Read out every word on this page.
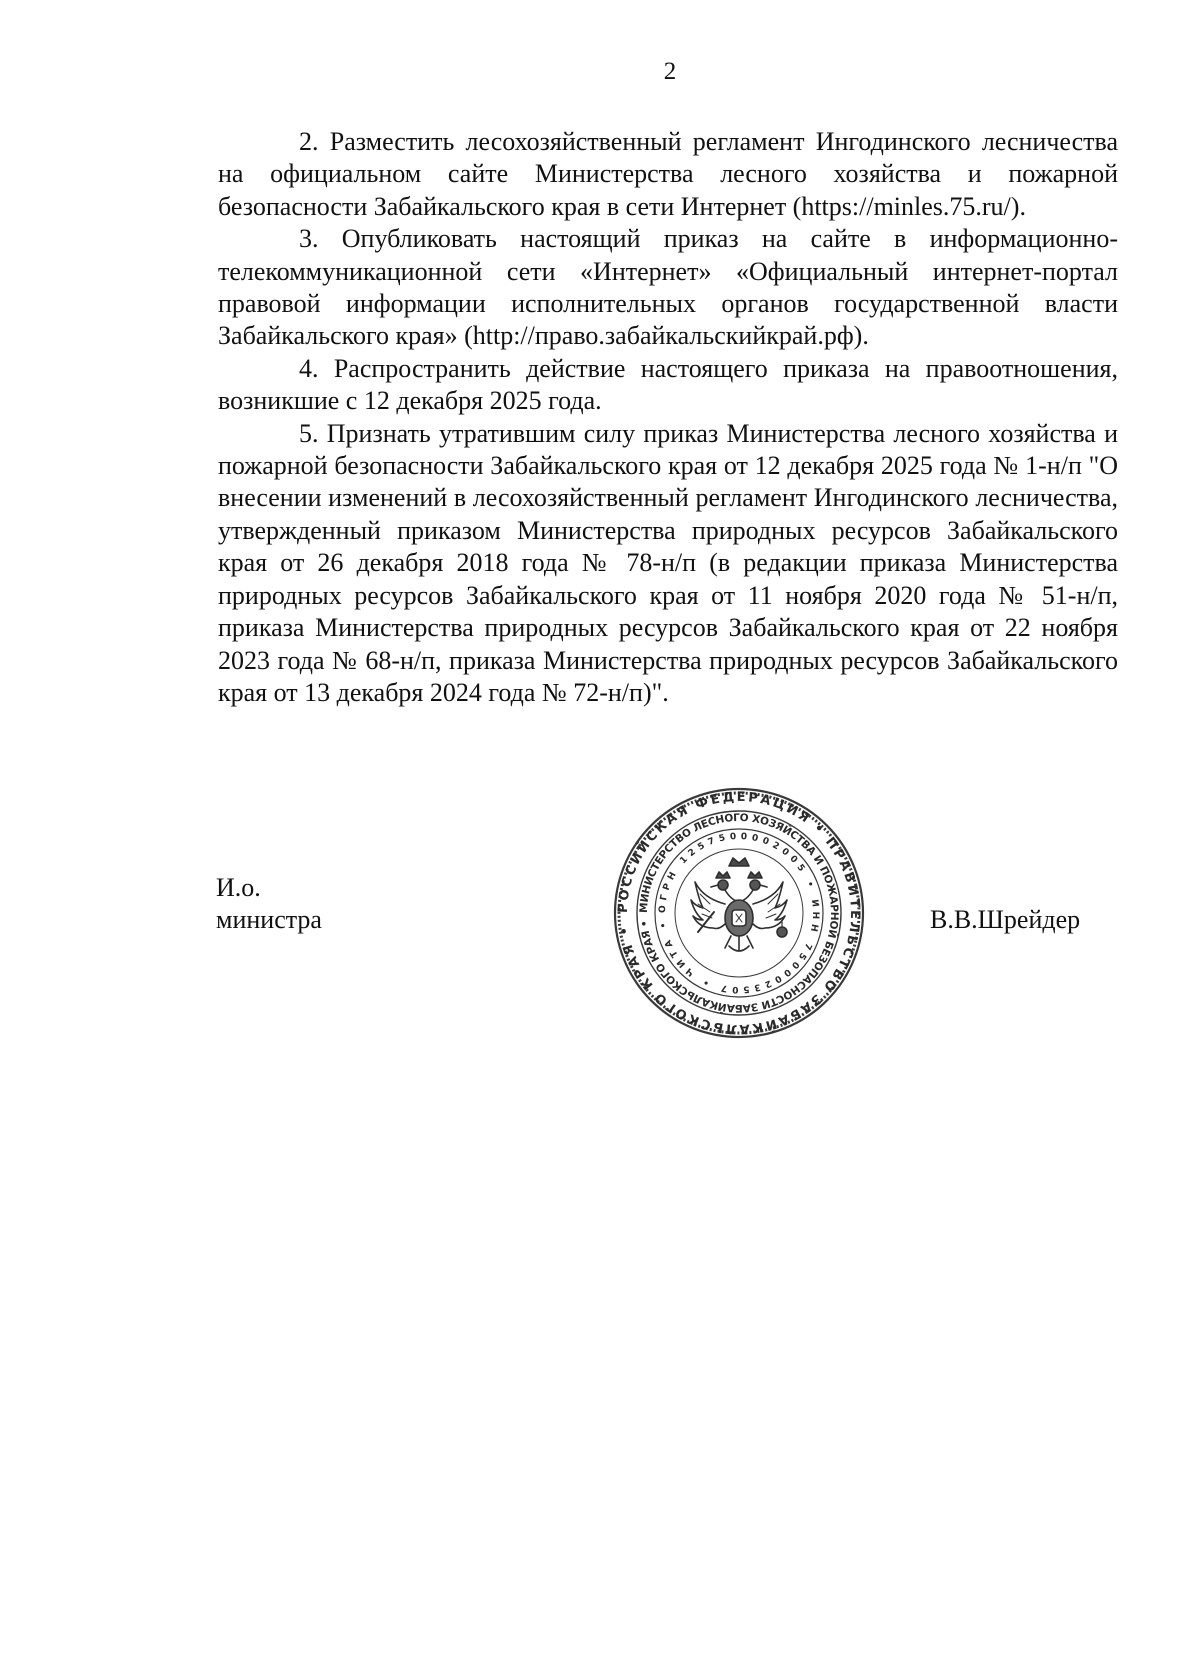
2

2. Разместить лесохозяйственный регламент Ингодинского лесничества на официальном сайте Министерства лесного хозяйства и пожарной безопасности Забайкальского края в сети Интернет (https://minles.75.ru/).

3. Опубликовать настоящий приказ на сайте в информационно-телекоммуникационной сети «Интернет» «Официальный интернет-портал правовой информации исполнительных органов государственной власти Забайкальского края» (http://право.забайкальскийкрай.рф).

4. Распространить действие настоящего приказа на правоотношения, возникшие с 12 декабря 2025 года.

5. Признать утратившим силу приказ Министерства лесного хозяйства и пожарной безопасности Забайкальского края от 12 декабря 2025 года № 1-н/п "О внесении изменений в лесохозяйственный регламент Ингодинского лесничества, утвержденный приказом Министерства природных ресурсов Забайкальского края от 26 декабря 2018 года № 78-н/п (в редакции приказа Министерства природных ресурсов Забайкальского края от 11 ноября 2020 года № 51-н/п, приказа Министерства природных ресурсов Забайкальского края от 22 ноября 2023 года № 68-н/п, приказа Министерства природных ресурсов Забайкальского края от 13 декабря 2024 года № 72-н/п)".

И.о.
министра	В.В.Шрейдер
РОССИЙСКАЯ ФЕДЕРАЦИЯ • ПРАВИТЕЛЬСТВО ЗАБАЙКАЛЬСКОГО КРАЯ •
МИНИСТЕРСТВО ЛЕСНОГО ХОЗЯЙСТВА И ПОЖАРНОЙ БЕЗОПАСНОСТИ ЗАБАЙКАЛЬСКОГО КРАЯ •
ОГРН 1257500002005 • ИНН 7500023507 • ЧИТА •
